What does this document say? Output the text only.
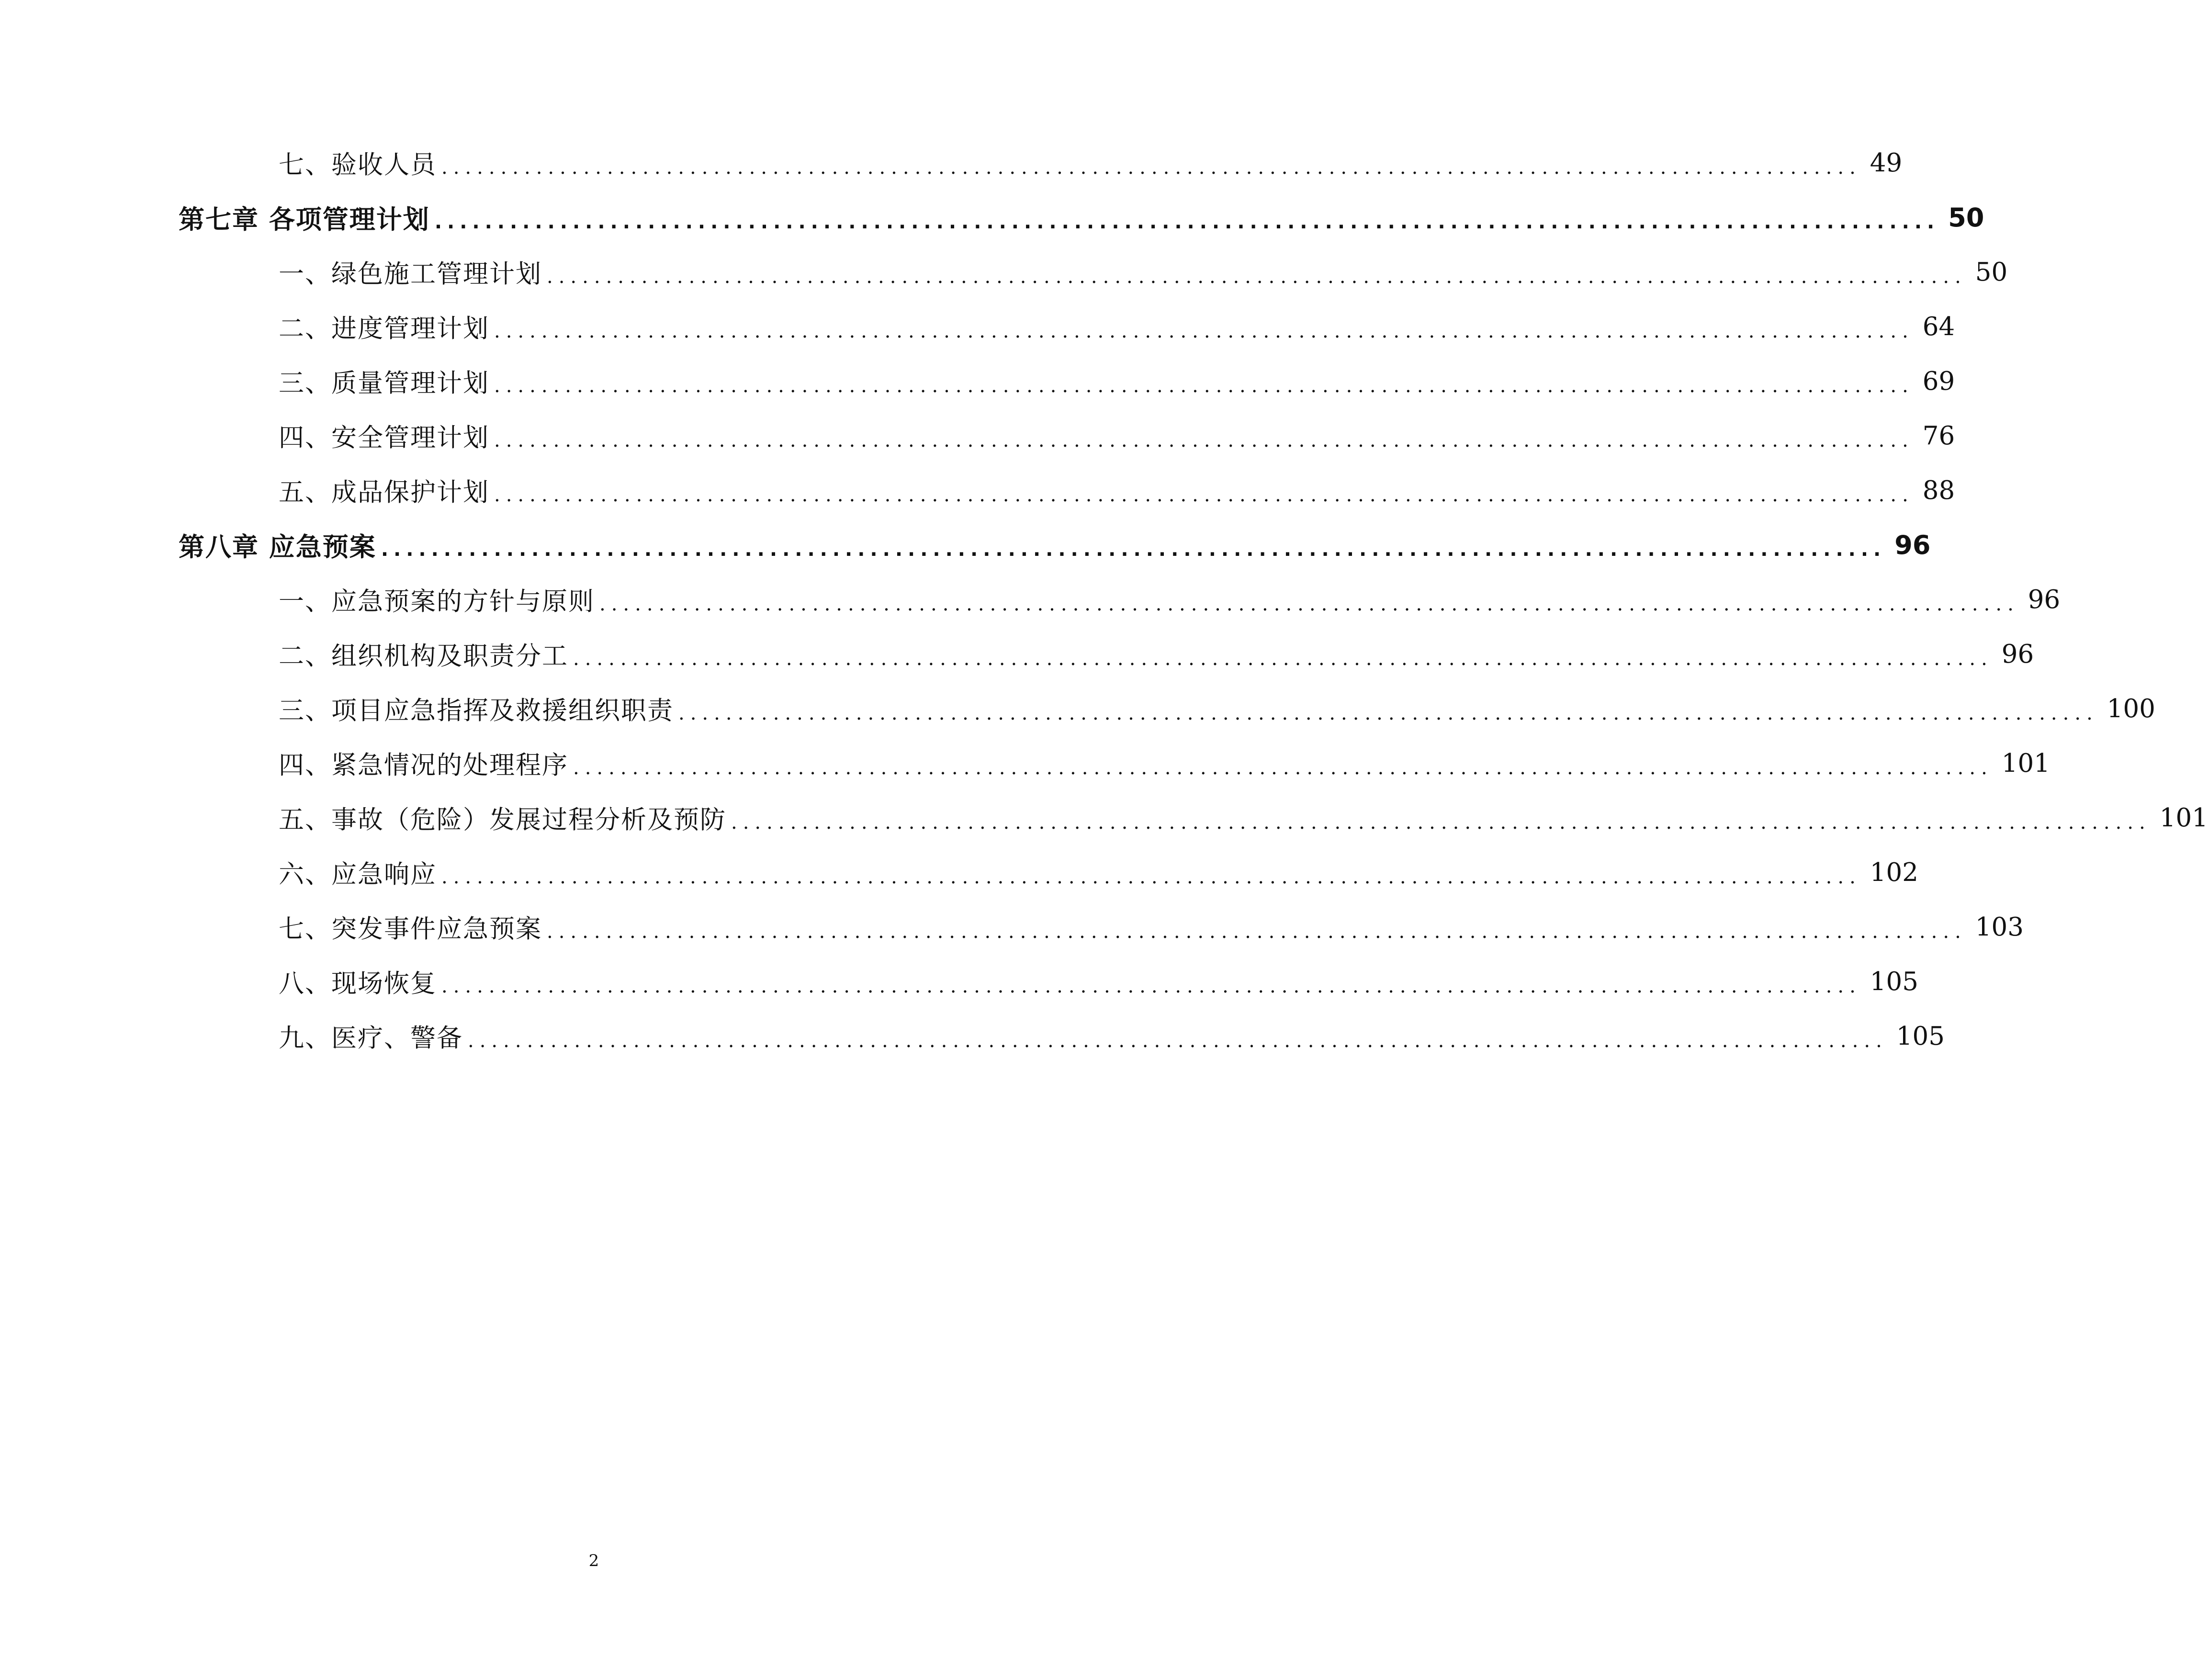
七、验收人员 ........................................................................................................................ 49
第七章 各项管理计划 ........................................................................................................................ 50
一、绿色施工管理计划 ........................................................................................................................ 50
二、进度管理计划 ........................................................................................................................ 64
三、质量管理计划 ........................................................................................................................ 69
四、安全管理计划 ........................................................................................................................ 76
五、成品保护计划 ........................................................................................................................ 88
第八章 应急预案 ........................................................................................................................ 96
一、应急预案的方针与原则 ........................................................................................................................ 96
二、组织机构及职责分工 ........................................................................................................................ 96
三、项目应急指挥及救援组织职责 ........................................................................................................................ 100
四、紧急情况的处理程序 ........................................................................................................................ 101
五、事故（危险）发展过程分析及预防 ........................................................................................................................ 101
六、应急响应 ........................................................................................................................ 102
七、突发事件应急预案 ........................................................................................................................ 103
八、现场恢复 ........................................................................................................................ 105
九、医疗、警备 ........................................................................................................................ 105
2
